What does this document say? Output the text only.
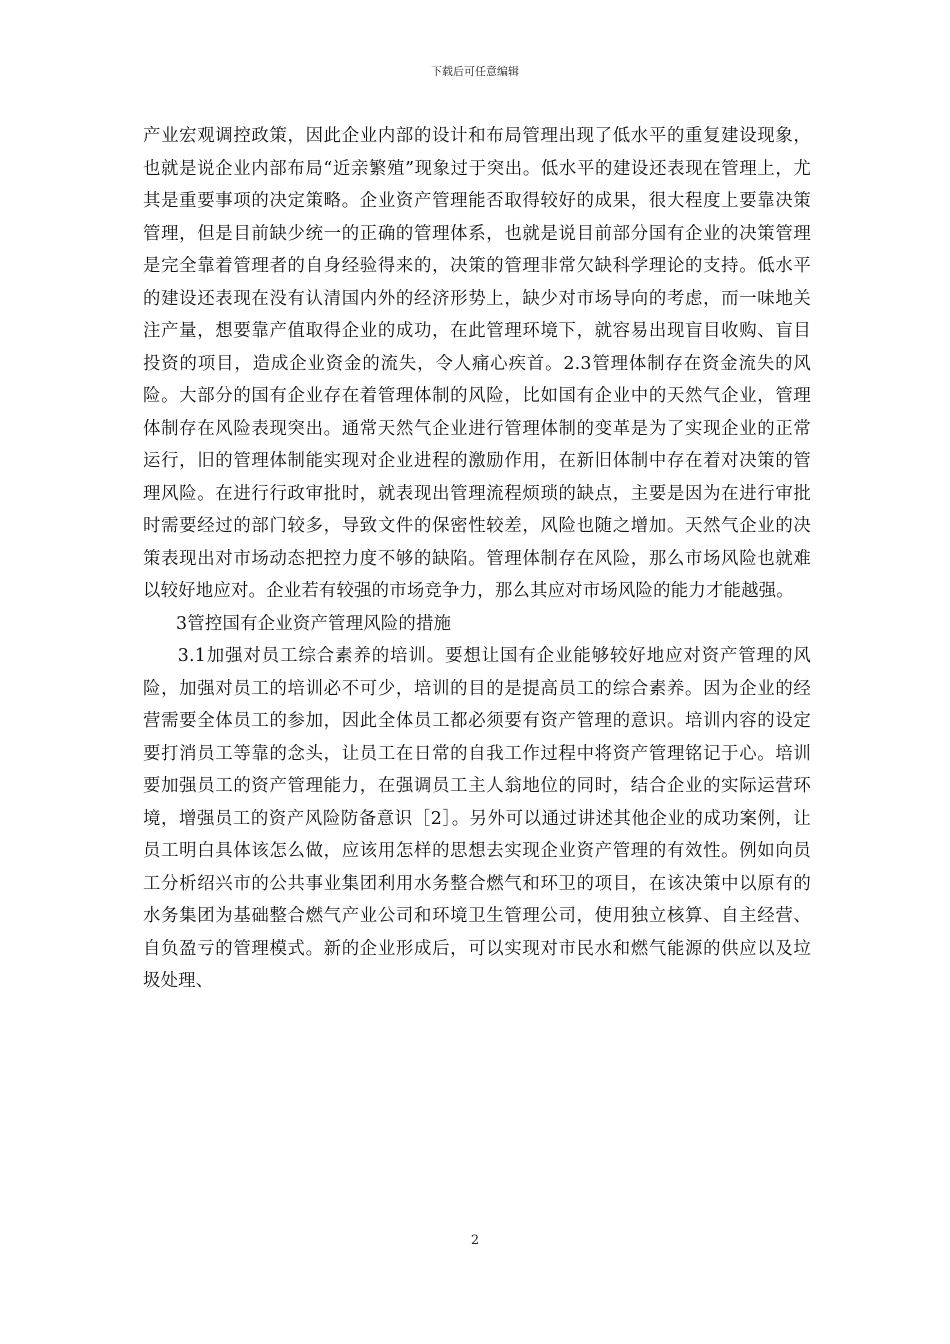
下载后可任意编辑

产业宏观调控政策，因此企业内部的设计和布局管理出现了低水平的重复建设现象，也就是说企业内部布局“近亲繁殖”现象过于突出。低水平的建设还表现在管理上，尤其是重要事项的决定策略。企业资产管理能否取得较好的成果，很大程度上要靠决策管理，但是目前缺少统一的正确的管理体系，也就是说目前部分国有企业的决策管理是完全靠着管理者的自身经验得来的，决策的管理非常欠缺科学理论的支持。低水平的建设还表现在没有认清国内外的经济形势上，缺少对市场导向的考虑，而一味地关注产量，想要靠产值取得企业的成功，在此管理环境下，就容易出现盲目收购、盲目投资的项目，造成企业资金的流失，令人痛心疾首。2.3管理体制存在资金流失的风险。大部分的国有企业存在着管理体制的风险，比如国有企业中的天然气企业，管理体制存在风险表现突出。通常天然气企业进行管理体制的变革是为了实现企业的正常运行，旧的管理体制能实现对企业进程的激励作用，在新旧体制中存在着对决策的管理风险。在进行行政审批时，就表现出管理流程烦琐的缺点，主要是因为在进行审批时需要经过的部门较多，导致文件的保密性较差，风险也随之增加。天然气企业的决策表现出对市场动态把控力度不够的缺陷。管理体制存在风险，那么市场风险也就难以较好地应对。企业若有较强的市场竞争力，那么其应对市场风险的能力才能越强。

3管控国有企业资产管理风险的措施

3.1加强对员工综合素养的培训。要想让国有企业能够较好地应对资产管理的风险，加强对员工的培训必不可少，培训的目的是提高员工的综合素养。因为企业的经营需要全体员工的参加，因此全体员工都必须要有资产管理的意识。培训内容的设定要打消员工等靠的念头，让员工在日常的自我工作过程中将资产管理铭记于心。培训要加强员工的资产管理能力，在强调员工主人翁地位的同时，结合企业的实际运营环境，增强员工的资产风险防备意识［2］。另外可以通过讲述其他企业的成功案例，让员工明白具体该怎么做，应该用怎样的思想去实现企业资产管理的有效性。例如向员工分析绍兴市的公共事业集团利用水务整合燃气和环卫的项目，在该决策中以原有的水务集团为基础整合燃气产业公司和环境卫生管理公司，使用独立核算、自主经营、自负盈亏的管理模式。新的企业形成后，可以实现对市民水和燃气能源的供应以及垃圾处理、

2
